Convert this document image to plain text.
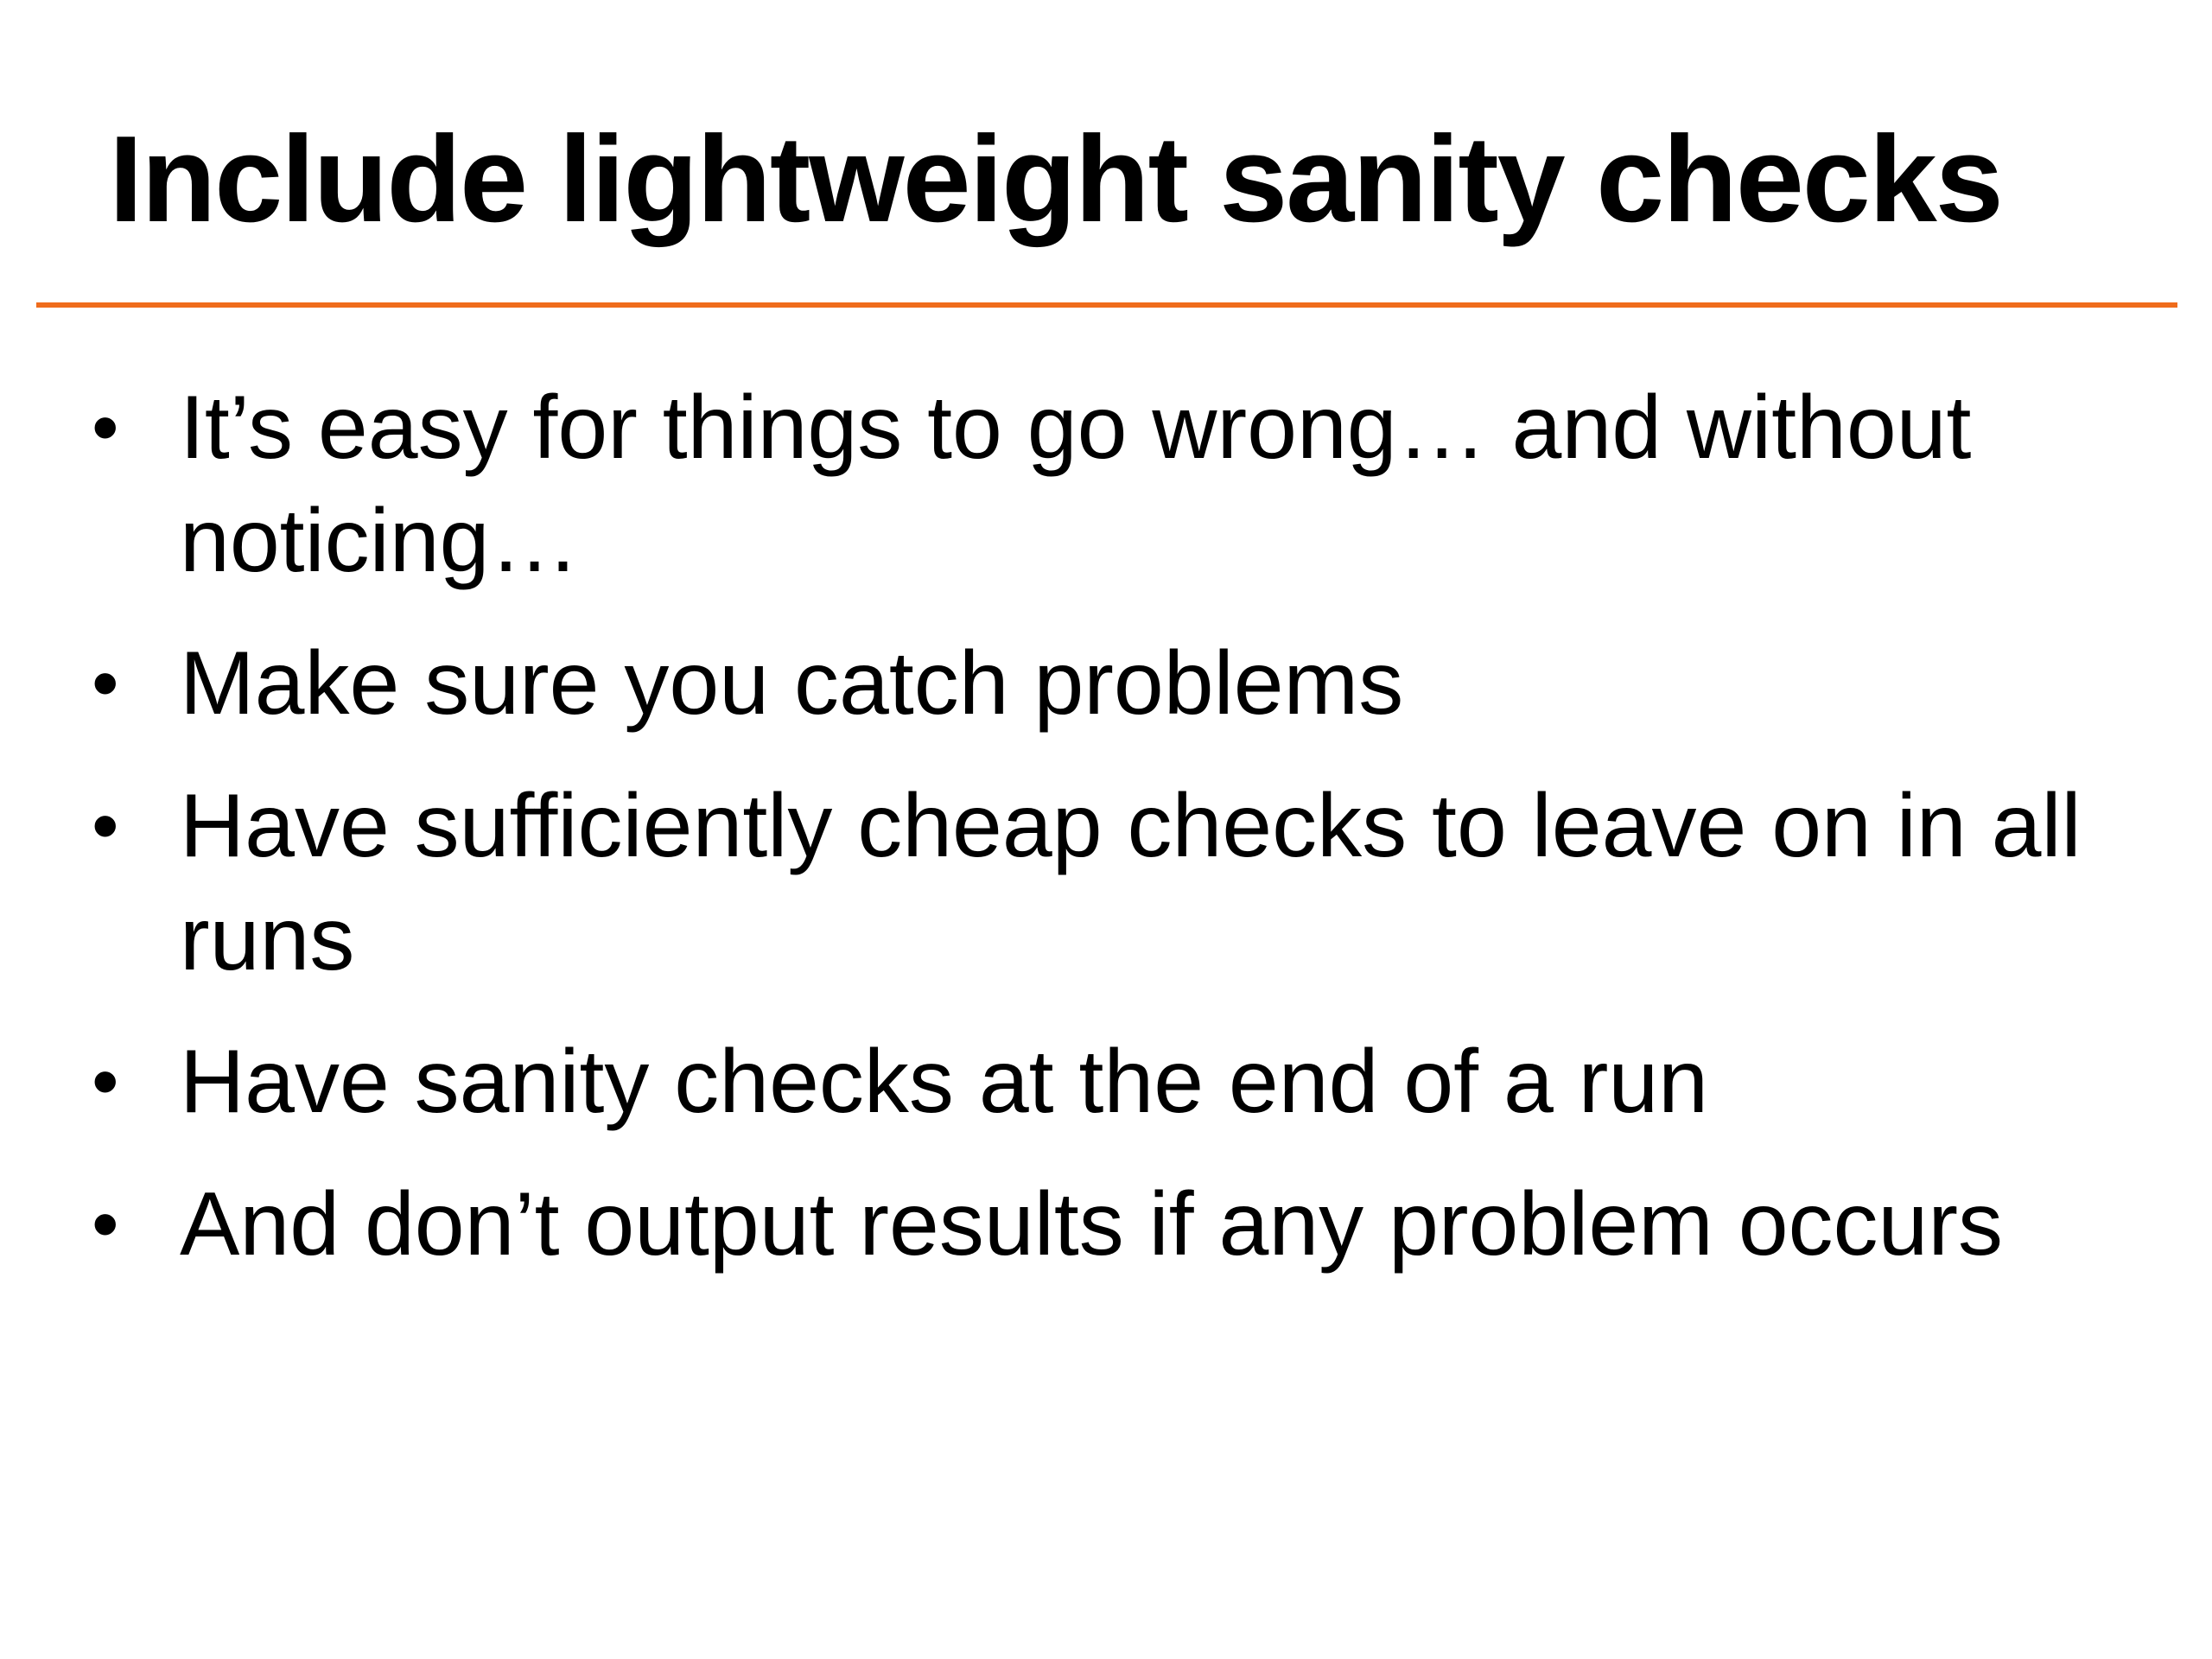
Include lightweight sanity checks
• It’s easy for things to go wrong… and without noticing…
• Make sure you catch problems
• Have sufficiently cheap checks to leave on in all runs
• Have sanity checks at the end of a run
• And don’t output results if any problem occurs
